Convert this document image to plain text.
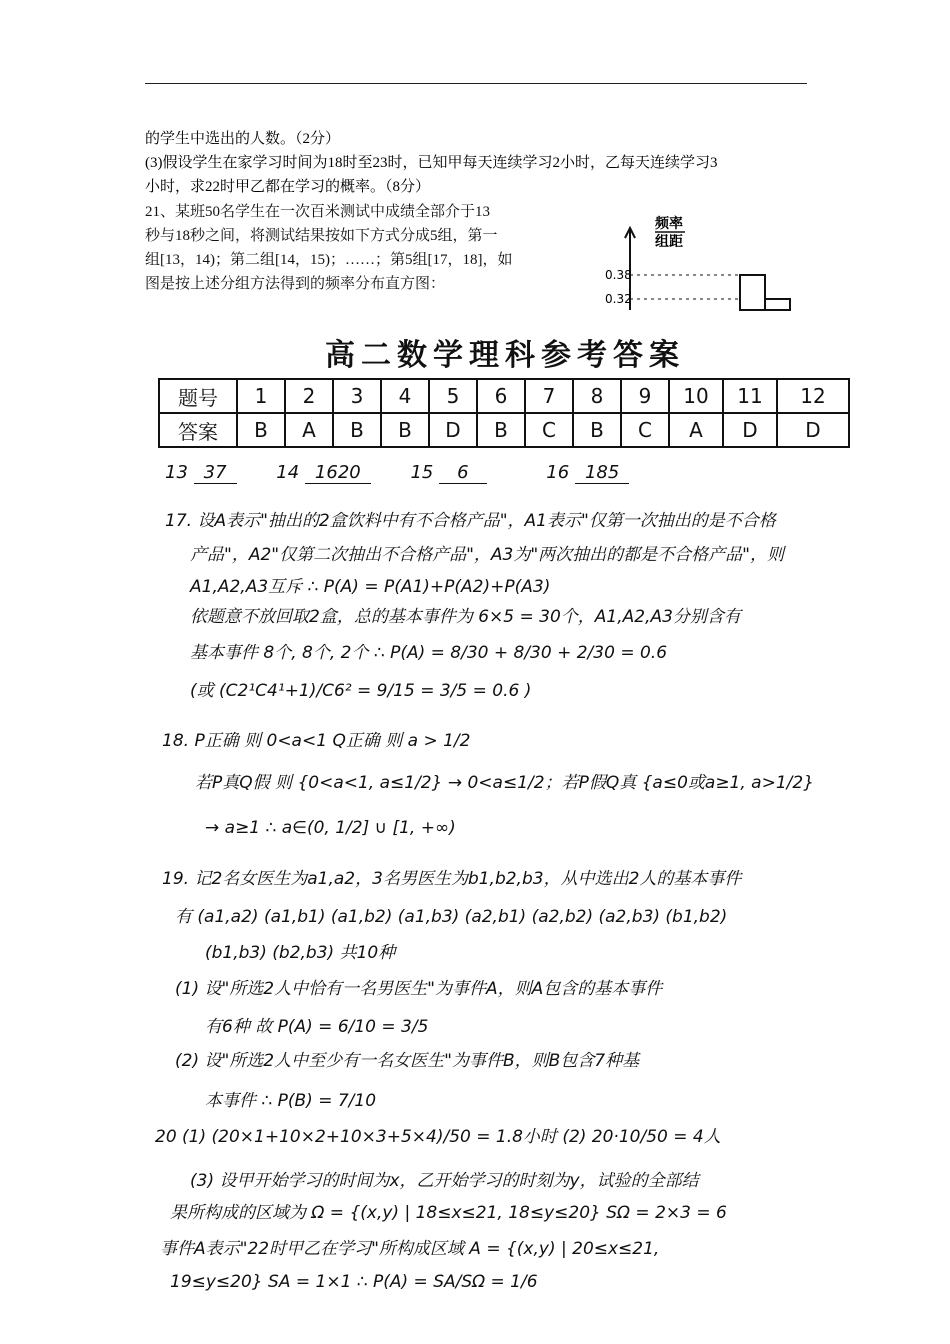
的学生中选出的人数。（2分）
(3)假设学生在家学习时间为18时至23时，已知甲每天连续学习2小时，乙每天连续学习3
小时，求22时甲乙都在学习的概率。（8分）
21、某班50名学生在一次百米测试中成绩全部介于13
秒与18秒之间，将测试结果按如下方式分成5组，第一
组[13，14)；第二组[14，15)；……；第5组[17，18]，如
图是按上述分组方法得到的频率分布直方图：
频率
组距
0.38
0.32
高二数学理科参考答案
题号	1	2	3	4	5	6	7	8	9	10	11	12
答案	B	A	B	B	D	B	C	B	C	A	D	D
13 37	14 1620	15 6	16 185
17. 设A表示"抽出的2盒饮料中有不合格产品"，A1表示"仅第一次抽出的是不合格
产品"，A2"仅第二次抽出不合格产品"，A3为"两次抽出的都是不合格产品"，则
A1,A2,A3互斥 ∴ P(A) = P(A1)+P(A2)+P(A3)
依题意不放回取2盒，总的基本事件为 6×5 = 30个，A1,A2,A3分别含有
基本事件 8个, 8个, 2个 ∴ P(A) = 8/30 + 8/30 + 2/30 = 0.6
(或 (C2¹C4¹+1)/C6² = 9/15 = 3/5 = 0.6 )
18. P正确 则 0<a<1 Q正确 则 a > 1/2
若P真Q假 则 {0<a<1, a≤1/2} → 0<a≤1/2；若P假Q真 {a≤0或a≥1, a>1/2}
→ a≥1 ∴ a∈(0, 1/2] ∪ [1, +∞)
19. 记2名女医生为a1,a2，3名男医生为b1,b2,b3，从中选出2人的基本事件
有 (a1,a2) (a1,b1) (a1,b2) (a1,b3) (a2,b1) (a2,b2) (a2,b3) (b1,b2)
(b1,b3) (b2,b3) 共10种
(1) 设"所选2人中恰有一名男医生"为事件A，则A包含的基本事件
有6种 故 P(A) = 6/10 = 3/5
(2) 设"所选2人中至少有一名女医生"为事件B，则B包含7种基
本事件 ∴ P(B) = 7/10
20 (1) (20×1+10×2+10×3+5×4)/50 = 1.8小时 (2) 20·10/50 = 4人
(3) 设甲开始学习的时间为x，乙开始学习的时刻为y，试验的全部结
果所构成的区域为 Ω = {(x,y) | 18≤x≤21, 18≤y≤20} SΩ = 2×3 = 6
事件A表示"22时甲乙在学习"所构成区域 A = {(x,y) | 20≤x≤21,
19≤y≤20} SA = 1×1 ∴ P(A) = SA/SΩ = 1/6
